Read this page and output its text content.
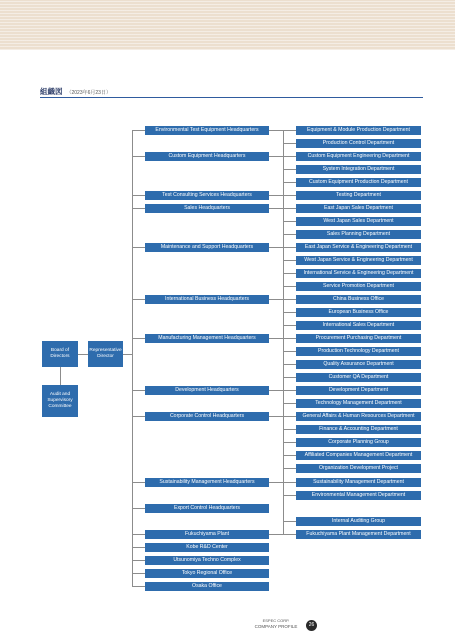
組織図 （2023年6月23日）
Board of Directors
Representative Director
Audit and Supervisory Committee
Environmental Test Equipment Headquarters
Custom Equipment Headquarters
Test Consulting Services Headquarters
Sales Headquarters
Maintenance and Support Headquarters
International Business Headquarters
Manufacturing Management Headquarters
Development Headquarters
Corporate Control Headquarters
Sustainability Management Headquarters
Export Control Headquarters
Fukuchiyama Plant
Kobe R&D Center
Utsunomiya Techno Complex
Tokyo Regional Office
Osaka Office
Equipment & Module Production Department
Production Control Department
Custom Equipment Engineering Department
System Integration Department
Custom Equipment Production Department
Testing Department
East Japan Sales Department
West Japan Sales Department
Sales Planning Department
East Japan Service & Engineering Department
West Japan Service & Engineering Department
International Service & Engineering Department
Service Promotion Department
China Business Office
European Business Office
International Sales Department
Procurement Purchasing Department
Production Technology Department
Quality Assurance Department
Customer QA Department
Development Department
Technology Management Department
General Affairs & Human Resources Department
Finance & Accounting Department
Corporate Planning Group
Affiliated Companies Management Department
Organization Development Project
Sustainability Management Department
Environmental Management Department
Internal Auditing Group
Fukuchiyama Plant Management Department
ESPEC CORP.
COMPANY PROFILE	26
